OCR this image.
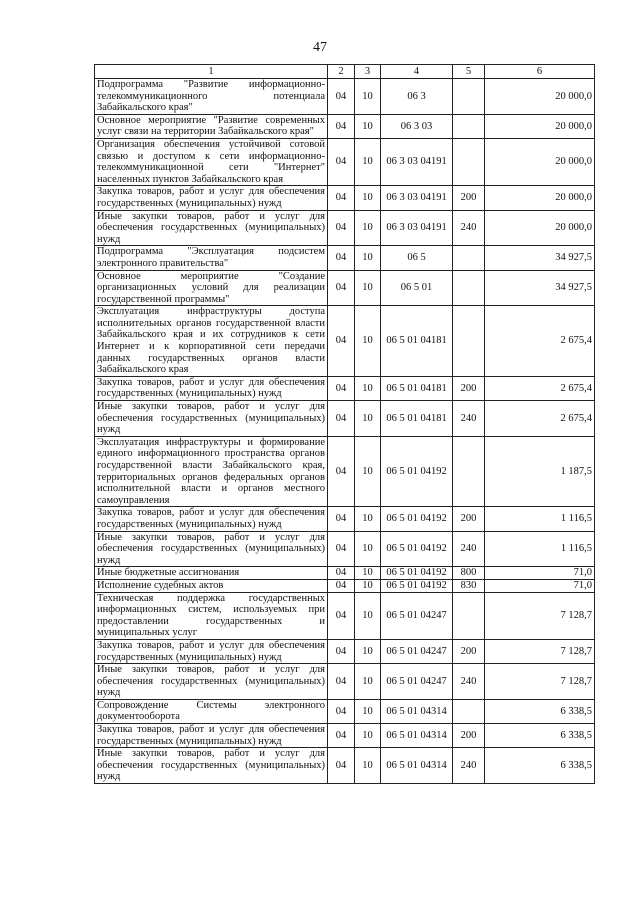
47
1	2	3	4	5	6
Подпрограмма "Развитие информационно-телекоммуникационного потенциала Забайкальского края"	04	10	06 3		20 000,0
Основное мероприятие "Развитие современных услуг связи на территории Забайкальского края"	04	10	06 3 03		20 000,0
Организация обеспечения устойчивой сотовой связью и доступом к сети информационно-телекоммуникационной сети "Интернет" населенных пунктов Забайкальского края	04	10	06 3 03 04191		20 000,0
Закупка товаров, работ и услуг для обеспечения государственных (муниципальных) нужд	04	10	06 3 03 04191	200	20 000,0
Иные закупки товаров, работ и услуг для обеспечения государственных (муниципальных) нужд	04	10	06 3 03 04191	240	20 000,0
Подпрограмма "Эксплуатация подсистем электронного правительства"	04	10	06 5		34 927,5
Основное мероприятие "Создание организационных условий для реализации государственной программы"	04	10	06 5 01		34 927,5
Эксплуатация инфраструктуры доступа исполнительных органов государственной власти Забайкальского края и их сотрудников к сети Интернет и к корпоративной сети передачи данных государственных органов власти Забайкальского края	04	10	06 5 01 04181		2 675,4
Закупка товаров, работ и услуг для обеспечения государственных (муниципальных) нужд	04	10	06 5 01 04181	200	2 675,4
Иные закупки товаров, работ и услуг для обеспечения государственных (муниципальных) нужд	04	10	06 5 01 04181	240	2 675,4
Эксплуатация инфраструктуры и формирование единого информационного пространства органов государственной власти Забайкальского края, территориальных органов федеральных органов исполнительной власти и органов местного самоуправления	04	10	06 5 01 04192		1 187,5
Закупка товаров, работ и услуг для обеспечения государственных (муниципальных) нужд	04	10	06 5 01 04192	200	1 116,5
Иные закупки товаров, работ и услуг для обеспечения государственных (муниципальных) нужд	04	10	06 5 01 04192	240	1 116,5
Иные бюджетные ассигнования	04	10	06 5 01 04192	800	71,0
Исполнение судебных актов	04	10	06 5 01 04192	830	71,0
Техническая поддержка государственных информационных систем, используемых при предоставлении государственных и муниципальных услуг	04	10	06 5 01 04247		7 128,7
Закупка товаров, работ и услуг для обеспечения государственных (муниципальных) нужд	04	10	06 5 01 04247	200	7 128,7
Иные закупки товаров, работ и услуг для обеспечения государственных (муниципальных) нужд	04	10	06 5 01 04247	240	7 128,7
Сопровождение Системы электронного документооборота	04	10	06 5 01 04314		6 338,5
Закупка товаров, работ и услуг для обеспечения государственных (муниципальных) нужд	04	10	06 5 01 04314	200	6 338,5
Иные закупки товаров, работ и услуг для обеспечения государственных (муниципальных) нужд	04	10	06 5 01 04314	240	6 338,5
